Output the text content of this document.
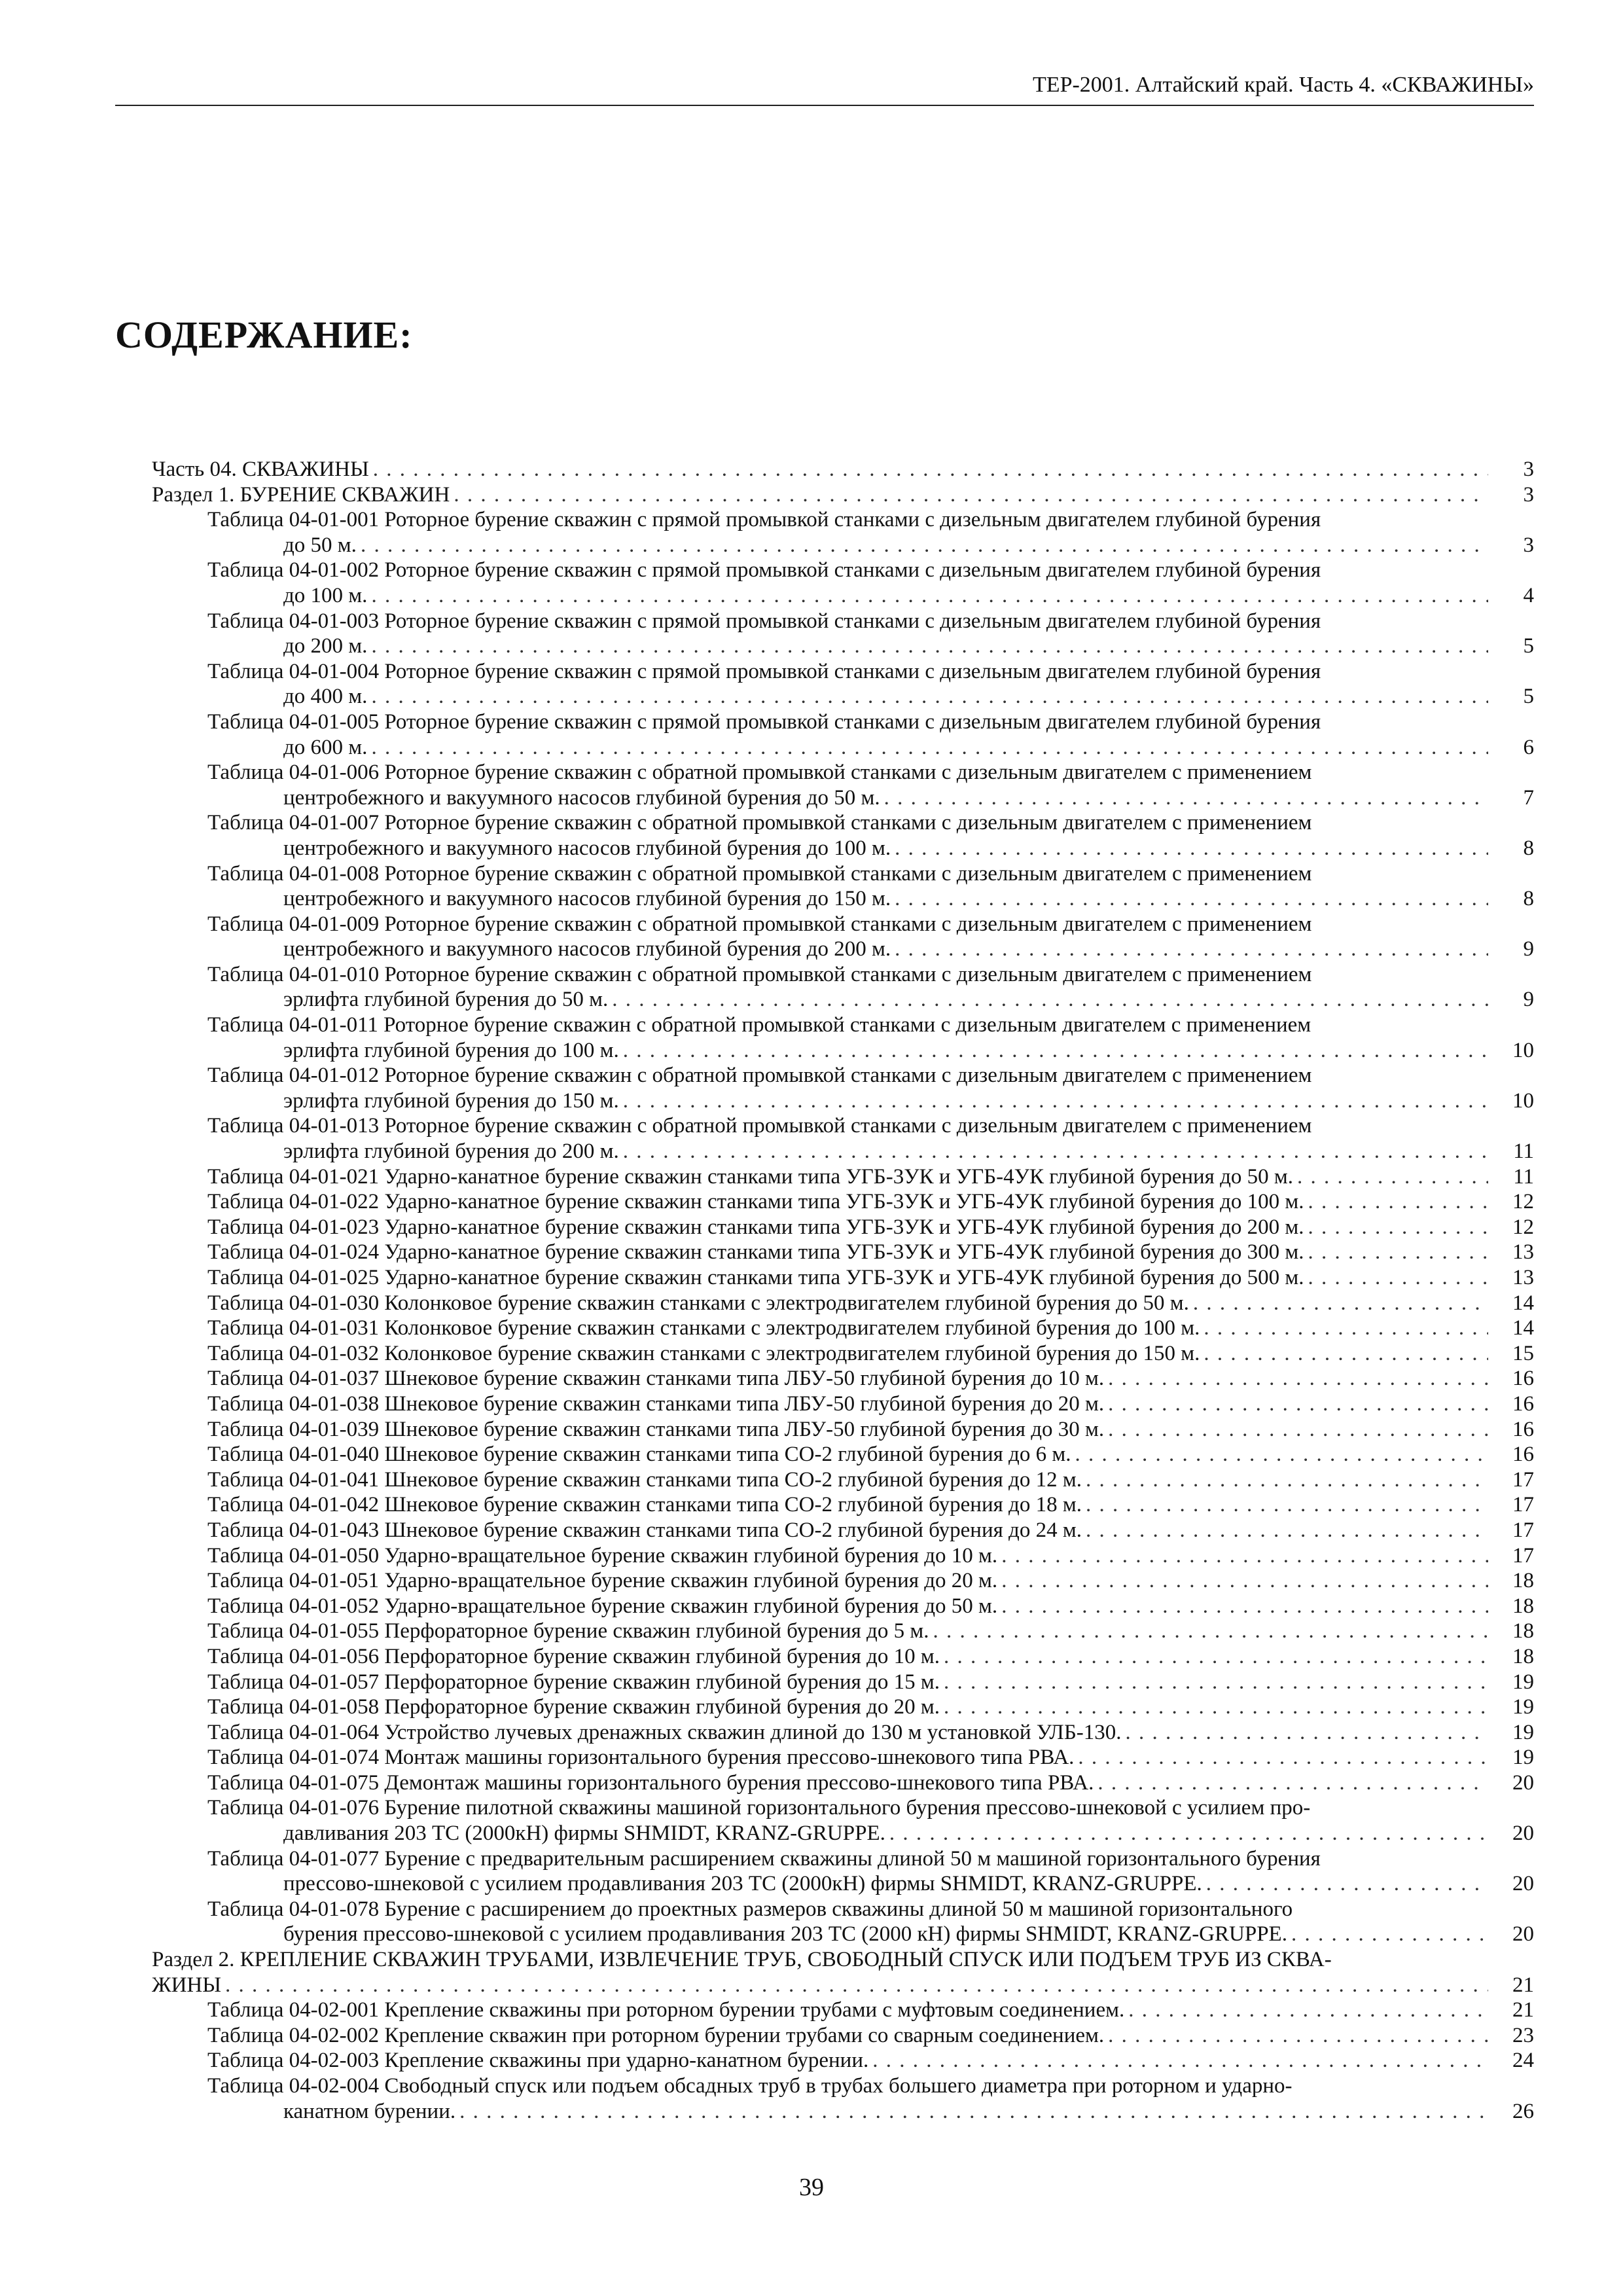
ТЕР-2001. Алтайский край. Часть 4. «СКВАЖИНЫ»
СОДЕРЖАНИЕ:
Часть 04. СКВАЖИНЫ . . .	3
Раздел 1. БУРЕНИЕ СКВАЖИН . . .	3
Таблица 04-01-001 Роторное бурение скважин с прямой промывкой станками с дизельным двигателем глубиной бурения
до 50 м. . . .	3
Таблица 04-01-002 Роторное бурение скважин с прямой промывкой станками с дизельным двигателем глубиной бурения
до 100 м. . . .	4
Таблица 04-01-003 Роторное бурение скважин с прямой промывкой станками с дизельным двигателем глубиной бурения
до 200 м. . . .	5
Таблица 04-01-004 Роторное бурение скважин с прямой промывкой станками с дизельным двигателем глубиной бурения
до 400 м. . . .	5
Таблица 04-01-005 Роторное бурение скважин с прямой промывкой станками с дизельным двигателем глубиной бурения
до 600 м. . . .	6
Таблица 04-01-006 Роторное бурение скважин с обратной промывкой станками с дизельным двигателем с применением
центробежного и вакуумного насосов глубиной бурения до 50 м. . . .	7
Таблица 04-01-007 Роторное бурение скважин с обратной промывкой станками с дизельным двигателем с применением
центробежного и вакуумного насосов глубиной бурения до 100 м. . . .	8
Таблица 04-01-008 Роторное бурение скважин с обратной промывкой станками с дизельным двигателем с применением
центробежного и вакуумного насосов глубиной бурения до 150 м. . . .	8
Таблица 04-01-009 Роторное бурение скважин с обратной промывкой станками с дизельным двигателем с применением
центробежного и вакуумного насосов глубиной бурения до 200 м. . . .	9
Таблица 04-01-010 Роторное бурение скважин с обратной промывкой станками с дизельным двигателем с применением
эрлифта глубиной бурения до 50 м. . . .	9
Таблица 04-01-011 Роторное бурение скважин с обратной промывкой станками с дизельным двигателем с применением
эрлифта глубиной бурения до 100 м. . . .	10
Таблица 04-01-012 Роторное бурение скважин с обратной промывкой станками с дизельным двигателем с применением
эрлифта глубиной бурения до 150 м. . . .	10
Таблица 04-01-013 Роторное бурение скважин с обратной промывкой станками с дизельным двигателем с применением
эрлифта глубиной бурения до 200 м. . . .	11
Таблица 04-01-021 Ударно-канатное бурение скважин станками типа УГБ-3УК и УГБ-4УК глубиной бурения до 50 м. . . .	11
Таблица 04-01-022 Ударно-канатное бурение скважин станками типа УГБ-3УК и УГБ-4УК глубиной бурения до 100 м. . . .	12
Таблица 04-01-023 Ударно-канатное бурение скважин станками типа УГБ-3УК и УГБ-4УК глубиной бурения до 200 м. . . .	12
Таблица 04-01-024 Ударно-канатное бурение скважин станками типа УГБ-3УК и УГБ-4УК глубиной бурения до 300 м. . . .	13
Таблица 04-01-025 Ударно-канатное бурение скважин станками типа УГБ-3УК и УГБ-4УК глубиной бурения до 500 м. . . .	13
Таблица 04-01-030 Колонковое бурение скважин станками с электродвигателем глубиной бурения до 50 м. . . .	14
Таблица 04-01-031 Колонковое бурение скважин станками с электродвигателем глубиной бурения до 100 м. . . .	14
Таблица 04-01-032 Колонковое бурение скважин станками с электродвигателем глубиной бурения до 150 м. . . .	15
Таблица 04-01-037 Шнековое бурение скважин станками типа ЛБУ-50 глубиной бурения до 10 м. . . .	16
Таблица 04-01-038 Шнековое бурение скважин станками типа ЛБУ-50 глубиной бурения до 20 м. . . .	16
Таблица 04-01-039 Шнековое бурение скважин станками типа ЛБУ-50 глубиной бурения до 30 м. . . .	16
Таблица 04-01-040 Шнековое бурение скважин станками типа СО-2 глубиной бурения до 6 м. . . .	16
Таблица 04-01-041 Шнековое бурение скважин станками типа СО-2 глубиной бурения до 12 м. . . .	17
Таблица 04-01-042 Шнековое бурение скважин станками типа СО-2 глубиной бурения до 18 м. . . .	17
Таблица 04-01-043 Шнековое бурение скважин станками типа СО-2 глубиной бурения до 24 м. . . .	17
Таблица 04-01-050 Ударно-вращательное бурение скважин глубиной бурения до 10 м. . . .	17
Таблица 04-01-051 Ударно-вращательное бурение скважин глубиной бурения до 20 м. . . .	18
Таблица 04-01-052 Ударно-вращательное бурение скважин глубиной бурения до 50 м. . . .	18
Таблица 04-01-055 Перфораторное бурение скважин глубиной бурения до 5 м. . . .	18
Таблица 04-01-056 Перфораторное бурение скважин глубиной бурения до 10 м. . . .	18
Таблица 04-01-057 Перфораторное бурение скважин глубиной бурения до 15 м. . . .	19
Таблица 04-01-058 Перфораторное бурение скважин глубиной бурения до 20 м. . . .	19
Таблица 04-01-064 Устройство лучевых дренажных скважин длиной до 130 м установкой УЛБ-130. . . .	19
Таблица 04-01-074 Монтаж машины горизонтального бурения прессово-шнекового типа РВА. . . .	19
Таблица 04-01-075 Демонтаж машины горизонтального бурения прессово-шнекового типа РВА. . . .	20
Таблица 04-01-076 Бурение пилотной скважины машиной горизонтального бурения прессово-шнековой с усилием про-
давливания 203 ТС (2000кН) фирмы SHMIDT, KRANZ-GRUPPE. . . .	20
Таблица 04-01-077 Бурение с предварительным расширением скважины длиной 50 м машиной горизонтального бурения
прессово-шнековой с усилием продавливания 203 ТС (2000кН) фирмы SHMIDT, KRANZ-GRUPPE. . . .	20
Таблица 04-01-078 Бурение с расширением до проектных размеров скважины длиной 50 м машиной горизонтального
бурения прессово-шнековой с усилием продавливания 203 ТС (2000 кН) фирмы SHMIDT, KRANZ-GRUPPE. . . .	20
Раздел 2. КРЕПЛЕНИЕ СКВАЖИН ТРУБАМИ, ИЗВЛЕЧЕНИЕ ТРУБ, СВОБОДНЫЙ СПУСК ИЛИ ПОДЪЕМ ТРУБ ИЗ СКВА-
ЖИНЫ . . .	21
Таблица 04-02-001 Крепление скважины при роторном бурении трубами с муфтовым соединением. . . .	21
Таблица 04-02-002 Крепление скважин при роторном бурении трубами со сварным соединением. . . .	23
Таблица 04-02-003 Крепление скважины при ударно-канатном бурении. . . .	24
Таблица 04-02-004 Свободный спуск или подъем обсадных труб в трубах большего диаметра при роторном и ударно-
канатном бурении. . . .	26
39
